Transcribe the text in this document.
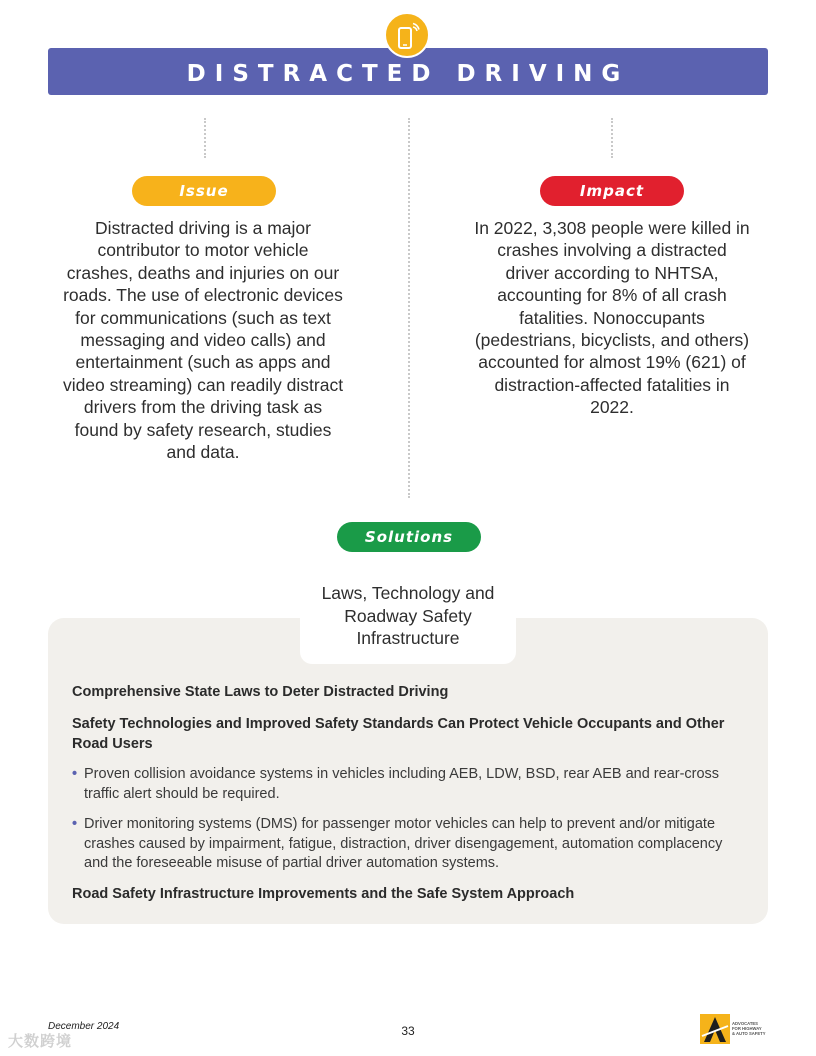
DISTRACTED DRIVING
Issue

Distracted driving is a major contributor to motor vehicle crashes, deaths and injuries on our roads. The use of electronic devices for communications (such as text messaging and video calls) and entertainment (such as apps and video streaming) can readily distract drivers from the driving task as found by safety research, studies and data.

Impact

In 2022, 3,308 people were killed in crashes involving a distracted driver according to NHTSA, accounting for 8% of all crash fatalities. Nonoccupants (pedestrians, bicyclists, and others) accounted for almost 19% (621) of distraction-affected fatalities in 2022.

Solutions

Laws, Technology and Roadway Safety Infrastructure

Comprehensive State Laws to Deter Distracted Driving

Safety Technologies and Improved Safety Standards Can Protect Vehicle Occupants and Other Road Users

• Proven collision avoidance systems in vehicles including AEB, LDW, BSD, rear AEB and rear-cross traffic alert should be required.
• Driver monitoring systems (DMS) for passenger motor vehicles can help to prevent and/or mitigate crashes caused by impairment, fatigue, distraction, driver disengagement, automation complacency and the foreseeable misuse of partial driver automation systems.

Road Safety Infrastructure Improvements and the Safe System Approach

大数跨境
December 2024	33
ADVOCATES
FOR HIGHWAY
& AUTO SAFETY
